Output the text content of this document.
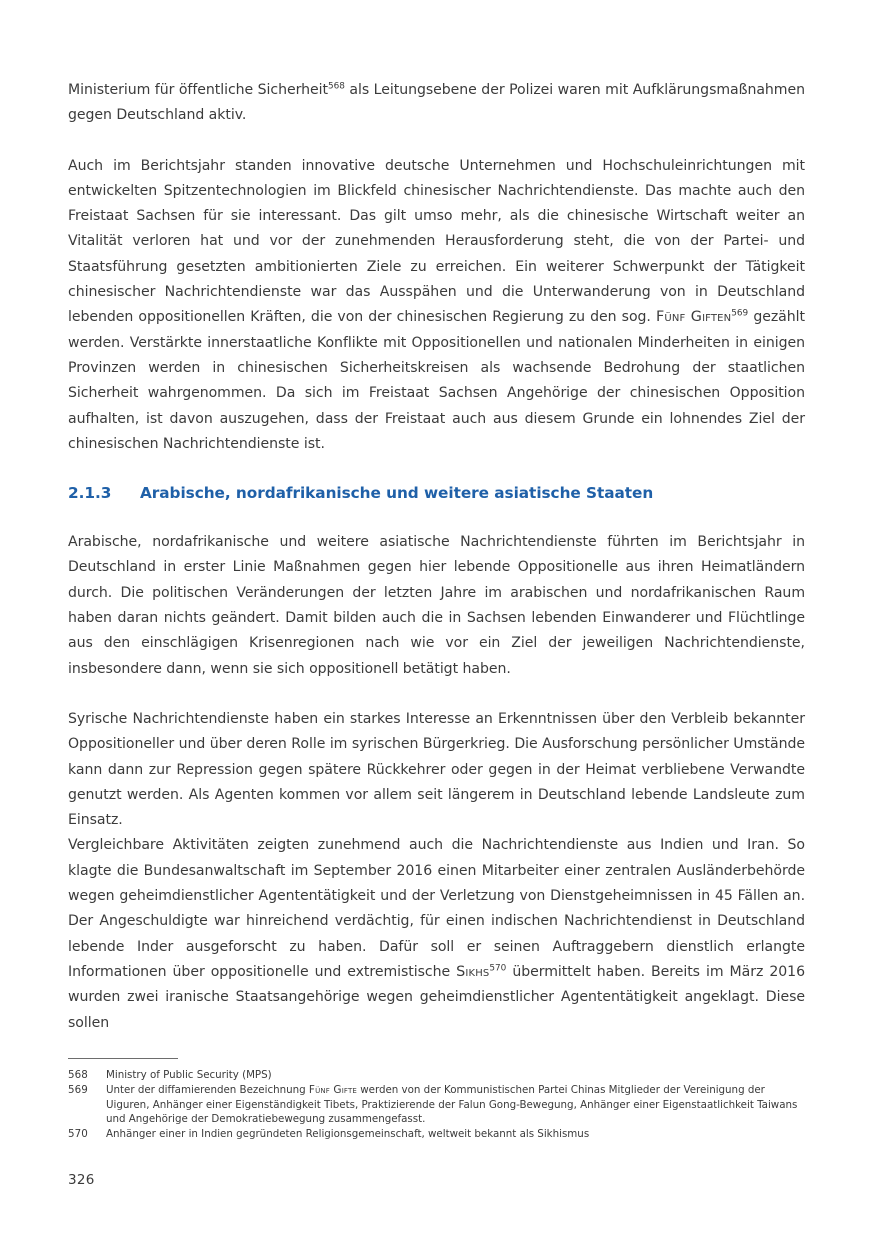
Ministerium für öffentliche Sicherheit$^{568}$ als Leitungsebene der Polizei waren mit Aufklärungsmaßnahmen gegen Deutschland aktiv.

Auch im Berichtsjahr standen innovative deutsche Unternehmen und Hochschuleinrichtungen mit entwickelten Spitzentechnologien im Blickfeld chinesischer Nachrichtendienste. Das machte auch den Freistaat Sachsen für sie interessant. Das gilt umso mehr, als die chinesische Wirtschaft weiter an Vitalität verloren hat und vor der zunehmenden Herausforderung steht, die von der Partei- und Staatsführung gesetzten ambitionierten Ziele zu erreichen. Ein weiterer Schwerpunkt der Tätigkeit chinesischer Nachrichtendienste war das Ausspähen und die Unterwanderung von in Deutschland lebenden oppositionellen Kräften, die von der chinesischen Regierung zu den sog. Fünf Giften$^{569}$ gezählt werden. Verstärkte innerstaatliche Konflikte mit Oppositionellen und nationalen Minderheiten in einigen Provinzen werden in chinesischen Sicherheitskreisen als wachsende Bedrohung der staatlichen Sicherheit wahrgenommen. Da sich im Freistaat Sachsen Angehörige der chinesischen Opposition aufhalten, ist davon auszugehen, dass der Freistaat auch aus diesem Grunde ein lohnendes Ziel der chinesischen Nachrichtendienste ist.

2.1.3 Arabische, nordafrikanische und weitere asiatische Staaten

Arabische, nordafrikanische und weitere asiatische Nachrichtendienste führten im Berichtsjahr in Deutschland in erster Linie Maßnahmen gegen hier lebende Oppositionelle aus ihren Heimatländern durch. Die politischen Veränderungen der letzten Jahre im arabischen und nordafrikanischen Raum haben daran nichts geändert. Damit bilden auch die in Sachsen lebenden Einwanderer und Flüchtlinge aus den einschlägigen Krisenregionen nach wie vor ein Ziel der jeweiligen Nachrichtendienste, insbesondere dann, wenn sie sich oppositionell betätigt haben.

Syrische Nachrichtendienste haben ein starkes Interesse an Erkenntnissen über den Verbleib bekannter Oppositioneller und über deren Rolle im syrischen Bürgerkrieg. Die Ausforschung persönlicher Umstände kann dann zur Repression gegen spätere Rückkehrer oder gegen in der Heimat verbliebene Verwandte genutzt werden. Als Agenten kommen vor allem seit längerem in Deutschland lebende Landsleute zum Einsatz.

Vergleichbare Aktivitäten zeigten zunehmend auch die Nachrichtendienste aus Indien und Iran. So klagte die Bundesanwaltschaft im September 2016 einen Mitarbeiter einer zentralen Ausländerbehörde wegen geheimdienstlicher Agententätigkeit und der Verletzung von Dienstgeheimnissen in 45 Fällen an. Der Angeschuldigte war hinreichend verdächtig, für einen indischen Nachrichtendienst in Deutschland lebende Inder ausgeforscht zu haben. Dafür soll er seinen Auftraggebern dienstlich erlangte Informationen über oppositionelle und extremistische Sikhs$^{570}$ übermittelt haben. Bereits im März 2016 wurden zwei iranische Staatsangehörige wegen geheimdienstlicher Agententätigkeit angeklagt. Diese sollen

568	Ministry of Public Security (MPS)
569	Unter der diffamierenden Bezeichnung Fünf Gifte werden von der Kommunistischen Partei Chinas Mitglieder der Vereinigung der Uiguren, Anhänger einer Eigenständigkeit Tibets, Praktizierende der Falun Gong-Bewegung, Anhänger einer Eigenstaatlichkeit Taiwans und Angehörige der Demokratiebewegung zusammengefasst.
570	Anhänger einer in Indien gegründeten Religionsgemeinschaft, weltweit bekannt als Sikhismus
326
